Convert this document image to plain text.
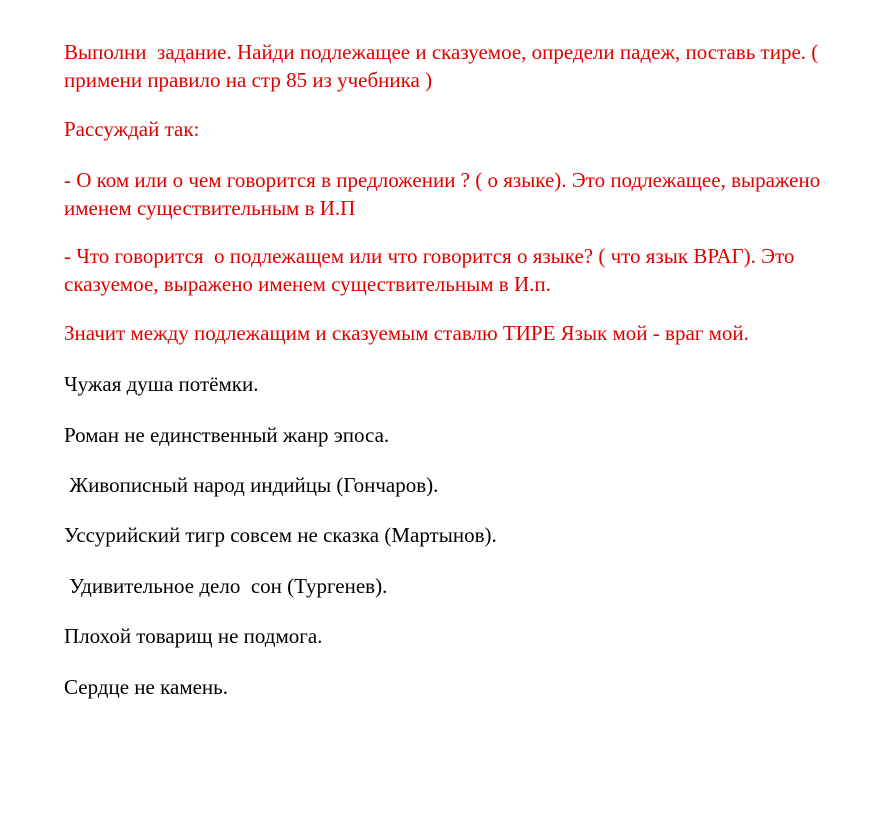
Выполни  задание. Найди подлежащее и сказуемое, определи падеж, поставь тире. ( примени правило на стр 85 из учебника )

Рассуждай так:

- О ком или о чем говорится в предложении ? ( о языке). Это подлежащее, выражено именем существительным в И.П

- Что говорится  о подлежащем или что говорится о языке? ( что язык ВРАГ). Это сказуемое, выражено именем существительным в И.п.

Значит между подлежащим и сказуемым ставлю ТИРЕ Язык мой - враг мой.

Чужая душа потёмки.

Роман не единственный жанр эпоса.

Живописный народ индийцы (Гончаров).

Уссурийский тигр совсем не сказка (Мартынов).

Удивительное дело  сон (Тургенев).

Плохой товарищ не подмога.

Сердце не камень.
